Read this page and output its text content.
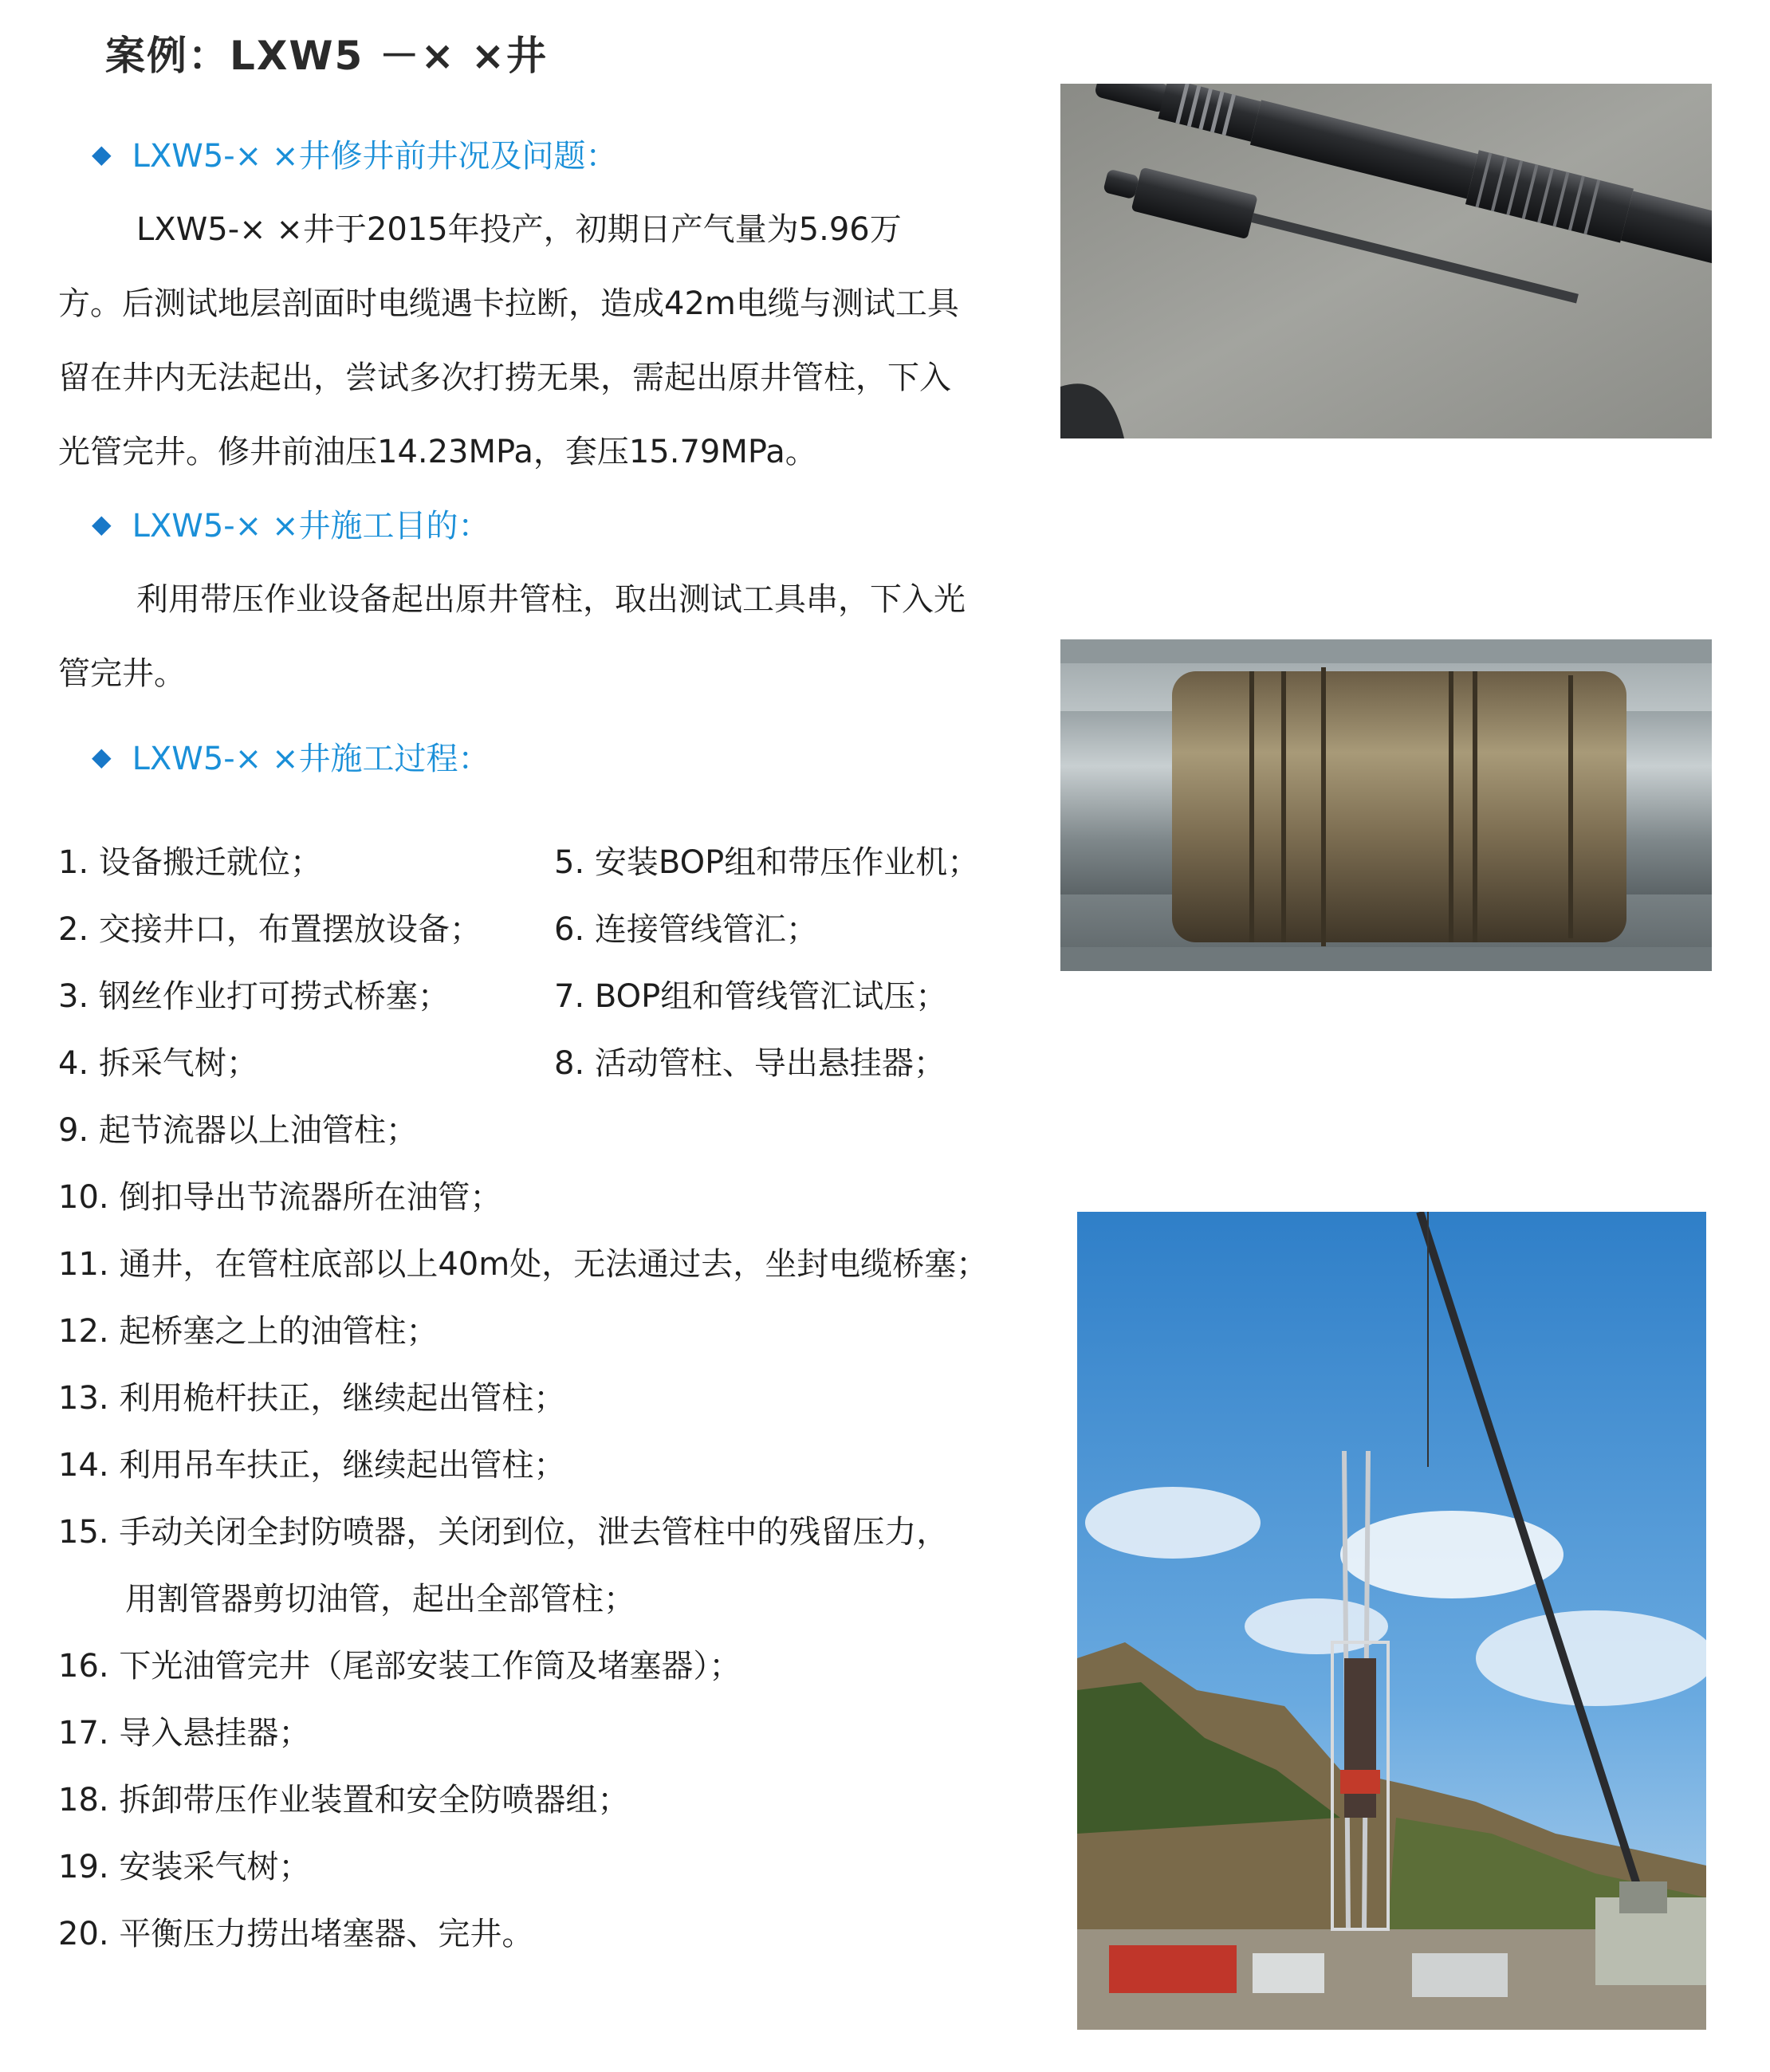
案例：LXW5 －× ×井
◆ LXW5-× ×井修井前井况及问题：

LXW5-× ×井于2015年投产，初期日产气量为5.96万
方。后测试地层剖面时电缆遇卡拉断，造成42m电缆与测试工具
留在井内无法起出，尝试多次打捞无果，需起出原井管柱，下入
光管完井。修井前油压14.23MPa，套压15.79MPa。

◆ LXW5-× ×井施工目的：

利用带压作业设备起出原井管柱，取出测试工具串，下入光
管完井。

◆ LXW5-× ×井施工过程：
1. 设备搬迁就位；
2. 交接井口，布置摆放设备；
3. 钢丝作业打可捞式桥塞；
4. 拆采气树；
5. 安装BOP组和带压作业机；
6. 连接管线管汇；
7. BOP组和管线管汇试压；
8. 活动管柱、导出悬挂器；
9. 起节流器以上油管柱；
10. 倒扣导出节流器所在油管；
11. 通井，在管柱底部以上40m处，无法通过去，坐封电缆桥塞；
12. 起桥塞之上的油管柱；
13. 利用桅杆扶正，继续起出管柱；
14. 利用吊车扶正，继续起出管柱；
15. 手动关闭全封防喷器，关闭到位，泄去管柱中的残留压力，
用割管器剪切油管，起出全部管柱；
16. 下光油管完井（尾部安装工作筒及堵塞器）；
17. 导入悬挂器；
18. 拆卸带压作业装置和安全防喷器组；
19. 安装采气树；
20. 平衡压力捞出堵塞器、完井。
